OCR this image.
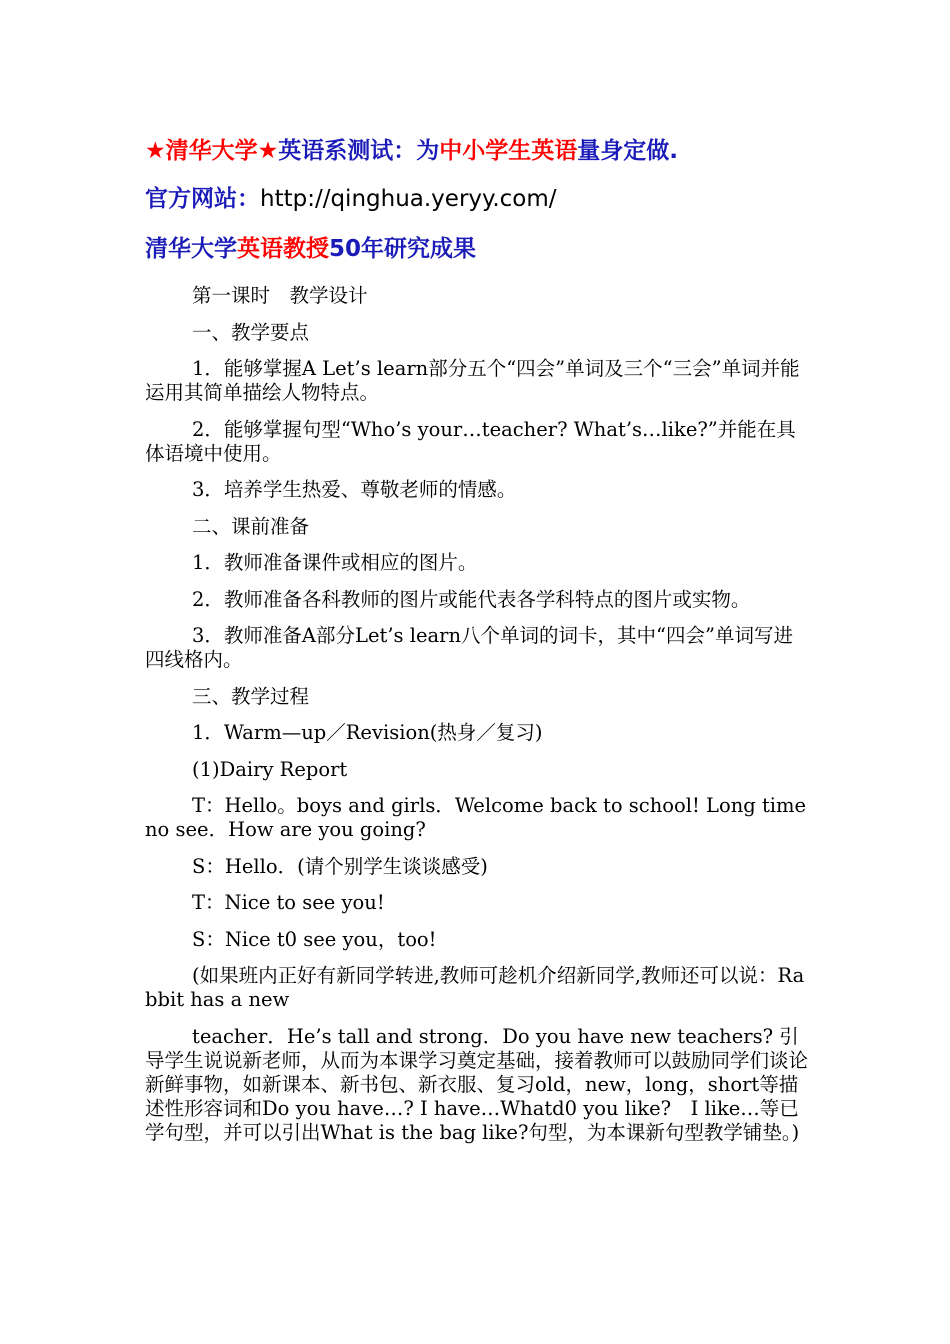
★清华大学★英语系测试：为中小学生英语量身定做.
官方网站：http://qinghua.yeryy.com/
清华大学英语教授50年研究成果

第一课时　教学设计

一、教学要点

1．能够掌握A Let’s learn部分五个“四会”单词及三个“三会”单词并能运用其简单描绘人物特点。

2．能够掌握句型“Who’s your…teacher? What’s…like?”并能在具体语境中使用。

3．培养学生热爱、尊敬老师的情感。

二、课前准备

1．教师准备课件或相应的图片。

2．教师准备各科教师的图片或能代表各学科特点的图片或实物。

3．教师准备A部分Let’s learn八个单词的词卡，其中“四会”单词写进四线格内。

三、教学过程

1．Warm—up／Revision(热身／复习)

(1)Dairy Report

T：Hello。boys and girls．Welcome back to school! Long time no see．How are you going?

S：Hello．(请个别学生谈谈感受)

T：Nice to see you!

S：Nice t0 see you，too!

(如果班内正好有新同学转进,教师可趁机介绍新同学,教师还可以说：Rabbit has a new

teacher．He’s tall and strong．Do you have new teachers? 引导学生说说新老师，从而为本课学习奠定基础，接着教师可以鼓励同学们谈论新鲜事物，如新课本、新书包、新衣服、复习old，new，long，short等描述性形容词和Do you have…? I have…Whatd0 you like?　I like…等已学句型，并可以引出What is the bag like?句型，为本课新句型教学铺垫。)
